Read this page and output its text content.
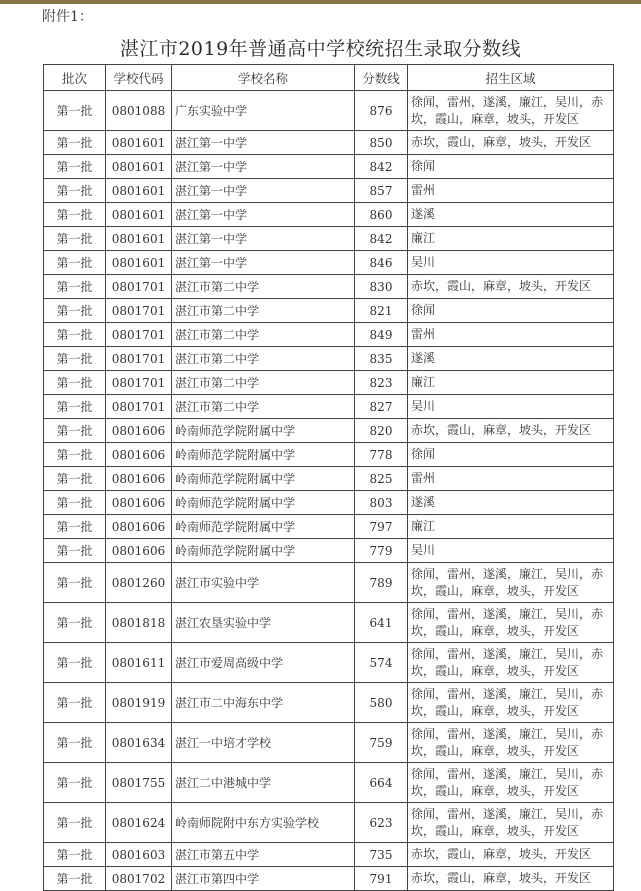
附件1：
湛江市2019年普通高中学校统招生录取分数线
批次	学校代码	学校名称	分数线	招生区域
第一批	0801088	广东实验中学	876	徐闻，雷州，遂溪，廉江，吴川，赤坎，霞山，麻章，坡头，开发区
第一批	0801601	湛江第一中学	850	赤坎，霞山，麻章，坡头，开发区
第一批	0801601	湛江第一中学	842	徐闻
第一批	0801601	湛江第一中学	857	雷州
第一批	0801601	湛江第一中学	860	遂溪
第一批	0801601	湛江第一中学	842	廉江
第一批	0801601	湛江第一中学	846	吴川
第一批	0801701	湛江市第二中学	830	赤坎，霞山，麻章，坡头，开发区
第一批	0801701	湛江市第二中学	821	徐闻
第一批	0801701	湛江市第二中学	849	雷州
第一批	0801701	湛江市第二中学	835	遂溪
第一批	0801701	湛江市第二中学	823	廉江
第一批	0801701	湛江市第二中学	827	吴川
第一批	0801606	岭南师范学院附属中学	820	赤坎，霞山，麻章，坡头，开发区
第一批	0801606	岭南师范学院附属中学	778	徐闻
第一批	0801606	岭南师范学院附属中学	825	雷州
第一批	0801606	岭南师范学院附属中学	803	遂溪
第一批	0801606	岭南师范学院附属中学	797	廉江
第一批	0801606	岭南师范学院附属中学	779	吴川
第一批	0801260	湛江市实验中学	789	徐闻，雷州，遂溪，廉江，吴川，赤坎，霞山，麻章，坡头，开发区
第一批	0801818	湛江农垦实验中学	641	徐闻，雷州，遂溪，廉江，吴川，赤坎，霞山，麻章，坡头，开发区
第一批	0801611	湛江市爱周高级中学	574	徐闻，雷州，遂溪，廉江，吴川，赤坎，霞山，麻章，坡头，开发区
第一批	0801919	湛江市二中海东中学	580	徐闻，雷州，遂溪，廉江，吴川，赤坎，霞山，麻章，坡头，开发区
第一批	0801634	湛江一中培才学校	759	徐闻，雷州，遂溪，廉江，吴川，赤坎，霞山，麻章，坡头，开发区
第一批	0801755	湛江二中港城中学	664	徐闻，雷州，遂溪，廉江，吴川，赤坎，霞山，麻章，坡头，开发区
第一批	0801624	岭南师院附中东方实验学校	623	徐闻，雷州，遂溪，廉江，吴川，赤坎，霞山，麻章，坡头，开发区
第一批	0801603	湛江市第五中学	735	赤坎，霞山，麻章，坡头，开发区
第一批	0801702	湛江市第四中学	791	赤坎，霞山，麻章，坡头，开发区
